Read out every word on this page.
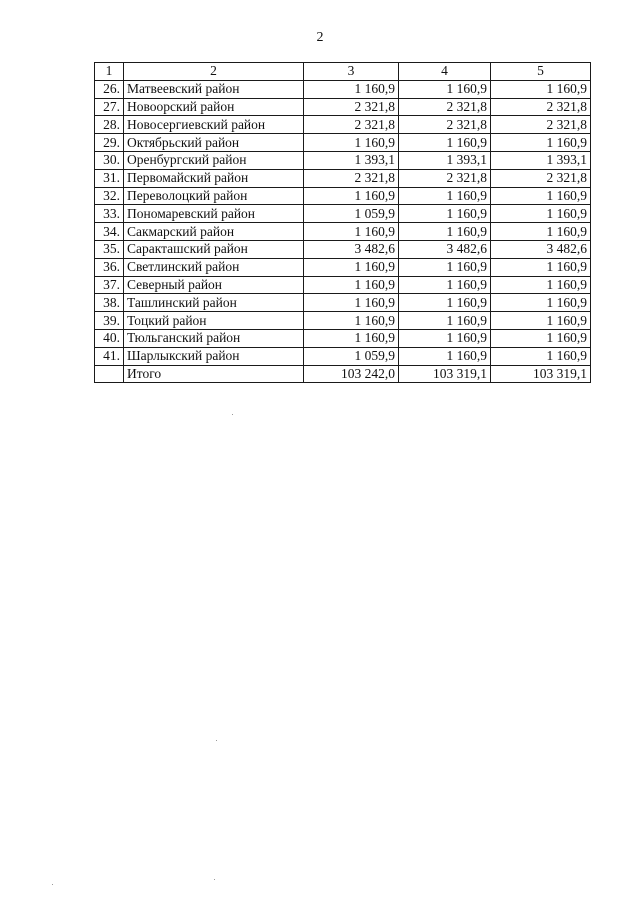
2
1	2	3	4	5
26.	Матвеевский район	1 160,9	1 160,9	1 160,9
27.	Новоорский район	2 321,8	2 321,8	2 321,8
28.	Новосергиевский район	2 321,8	2 321,8	2 321,8
29.	Октябрьский район	1 160,9	1 160,9	1 160,9
30.	Оренбургский район	1 393,1	1 393,1	1 393,1
31.	Первомайский район	2 321,8	2 321,8	2 321,8
32.	Переволоцкий район	1 160,9	1 160,9	1 160,9
33.	Пономаревский район	1 059,9	1 160,9	1 160,9
34.	Сакмарский район	1 160,9	1 160,9	1 160,9
35.	Саракташский район	3 482,6	3 482,6	3 482,6
36.	Светлинский район	1 160,9	1 160,9	1 160,9
37.	Северный район	1 160,9	1 160,9	1 160,9
38.	Ташлинский район	1 160,9	1 160,9	1 160,9
39.	Тоцкий район	1 160,9	1 160,9	1 160,9
40.	Тюльганский район	1 160,9	1 160,9	1 160,9
41.	Шарлыкский район	1 059,9	1 160,9	1 160,9
	Итого	103 242,0	103 319,1	103 319,1
